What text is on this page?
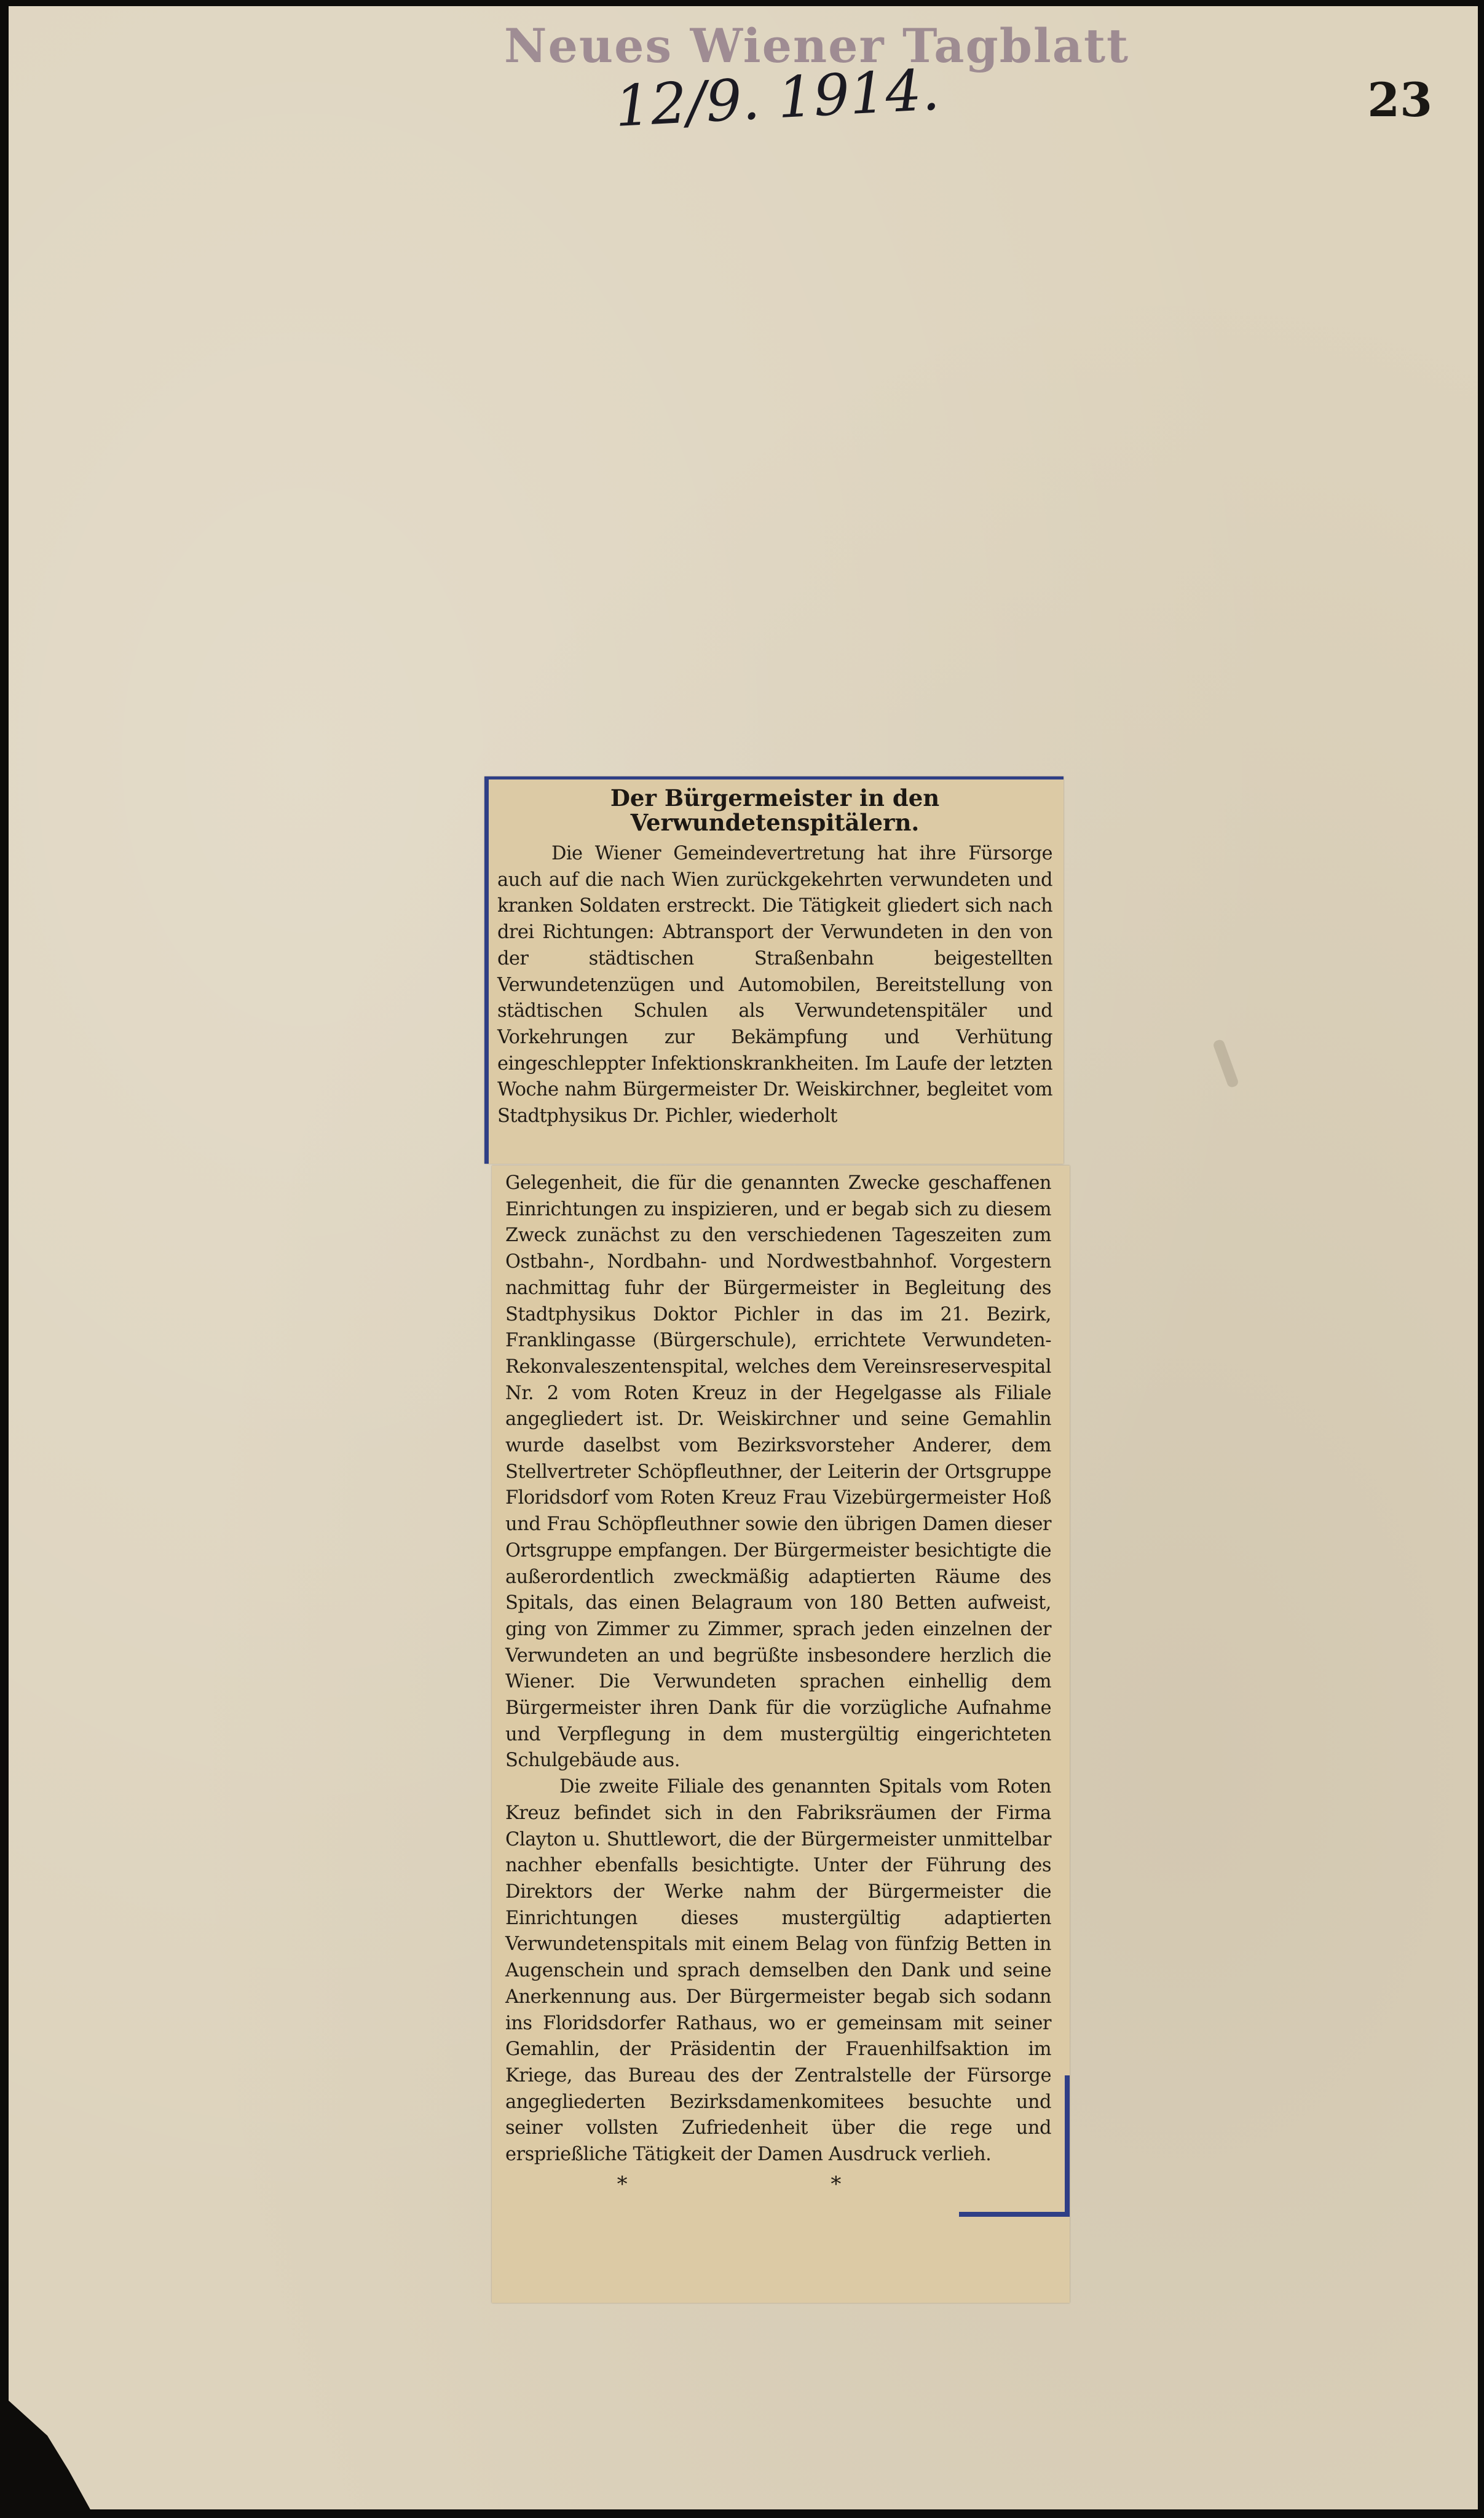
Neues Wiener Tagblatt
12/9. 1914.	23
Der Bürgermeister in den Verwundetenspitälern.

Die Wiener Gemeindevertretung hat ihre Fürsorge auch auf die nach Wien zurückgekehrten verwundeten und kranken Soldaten erstreckt. Die Tätigkeit gliedert sich nach drei Richtungen: Abtransport der Verwundeten in den von der städtischen Straßenbahn beigestellten Verwundetenzügen und Automobilen, Bereitstellung von städtischen Schulen als Verwundetenspitäler und Vorkehrungen zur Bekämpfung und Verhütung eingeschleppter Infektionskrankheiten. Im Laufe der letzten Woche nahm Bürgermeister Dr. Weiskirchner, begleitet vom Stadtphysikus Dr. Pichler, wiederholt

Gelegenheit, die für die genannten Zwecke geschaffenen Einrichtungen zu inspizieren, und er begab sich zu diesem Zweck zunächst zu den verschiedenen Tageszeiten zum Ostbahn-, Nordbahn- und Nordwestbahnhof. Vorgestern nachmittag fuhr der Bürgermeister in Begleitung des Stadtphysikus Doktor Pichler in das im 21. Bezirk, Franklingasse (Bürgerschule), errichtete Verwundeten-Rekonvaleszentenspital, welches dem Vereinsreservespital Nr. 2 vom Roten Kreuz in der Hegelgasse als Filiale angegliedert ist. Dr. Weiskirchner und seine Gemahlin wurde daselbst vom Bezirksvorsteher Anderer, dem Stellvertreter Schöpfleuthner, der Leiterin der Ortsgruppe Floridsdorf vom Roten Kreuz Frau Vizebürgermeister Hoß und Frau Schöpfleuthner sowie den übrigen Damen dieser Ortsgruppe empfangen. Der Bürgermeister besichtigte die außerordentlich zweckmäßig adaptierten Räume des Spitals, das einen Belagraum von 180 Betten aufweist, ging von Zimmer zu Zimmer, sprach jeden einzelnen der Verwundeten an und begrüßte insbesondere herzlich die Wiener. Die Verwundeten sprachen einhellig dem Bürgermeister ihren Dank für die vorzügliche Aufnahme und Verpflegung in dem mustergültig eingerichteten Schulgebäude aus.

Die zweite Filiale des genannten Spitals vom Roten Kreuz befindet sich in den Fabriksräumen der Firma Clayton u. Shuttlewort, die der Bürgermeister unmittelbar nachher ebenfalls besichtigte. Unter der Führung des Direktors der Werke nahm der Bürgermeister die Einrichtungen dieses mustergültig adaptierten Verwundetenspitals mit einem Belag von fünfzig Betten in Augenschein und sprach demselben den Dank und seine Anerkennung aus. Der Bürgermeister begab sich sodann ins Floridsdorfer Rathaus, wo er gemeinsam mit seiner Gemahlin, der Präsidentin der Frauenhilfsaktion im Kriege, das Bureau des der Zentralstelle der Fürsorge angegliederten Bezirksdamenkomitees besuchte und seiner vollsten Zufriedenheit über die rege und ersprießliche Tätigkeit der Damen Ausdruck verlieh.

* *
